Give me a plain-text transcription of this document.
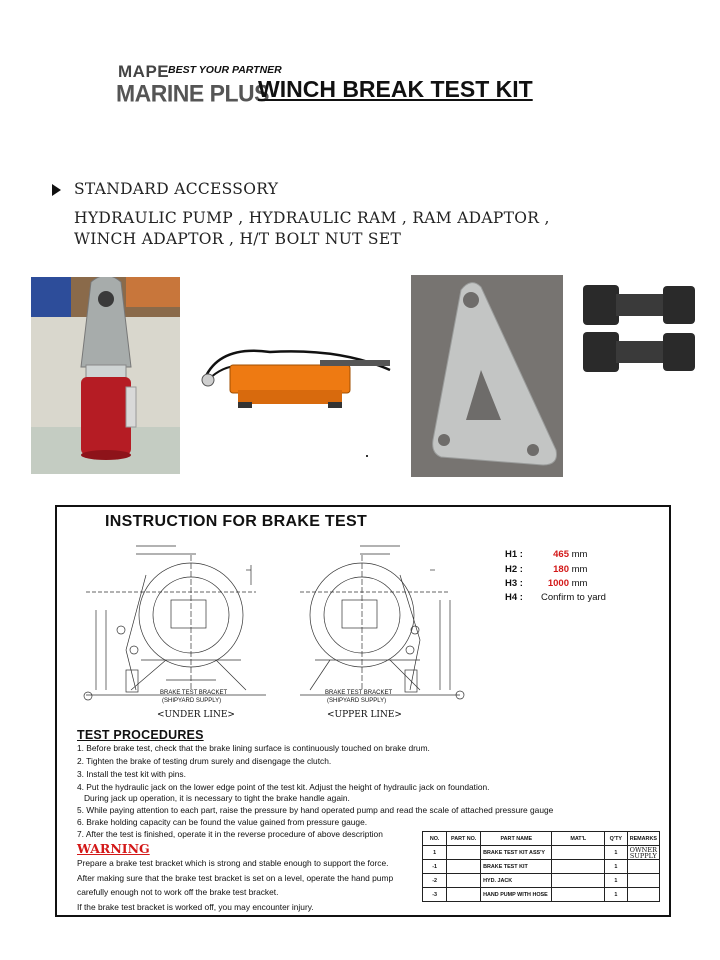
MAPE
BEST YOUR PARTNER
MARINE PLUS
WINCH BREAK TEST KIT
STANDARD ACCESSORY
HYDRAULIC PUMP , HYDRAULIC RAM , RAM ADAPTOR ,
WINCH ADAPTOR , H/T BOLT NUT SET
INSTRUCTION FOR BRAKE TEST
BRAKE TEST BRACKET
(SHIPYARD SUPPLY)
<UNDER LINE>
BRAKE TEST BRACKET
(SHIPYARD SUPPLY)
<UPPER LINE>
H1 :	465 mm
H2 :	180 mm
H3 :	1000 mm
H4 : Confirm to yard
TEST PROCEDURES
1. Before brake test, check that the brake lining surface is continuously touched on brake drum.
2. Tighten the brake of testing drum surely and disengage the clutch.
3. Install the test kit with pins.
4. Put the hydraulic jack on the lower edge point of the test kit. Adjust the height of hydraulic jack on foundation.
During jack up operation, it is necessary to tight the brake handle again.
5. While paying attention to each part, raise the pressure by hand operated pump and read the scale of attached pressure gauge
6. Brake holding capacity can be found the value gained from pressure gauge.
7. After the test is finished, operate it in the reverse procedure of above description
WARNING
Prepare a brake test bracket which is strong and stable enough to support the force.
After making sure that the brake test bracket is set on a level, operate the hand pump
carefully enough not to work off the brake test bracket.
If the brake test bracket is worked off, you may encounter injury.
NO.	PART NO.	PART NAME	MAT'L	Q'TY	REMARKS
1		BRAKE TEST KIT ASS'Y		1	OWNER SUPPLY
-1		BRAKE TEST KIT		1	
-2		HYD. JACK		1	
-3		HAND PUMP WITH HOSE		1	
